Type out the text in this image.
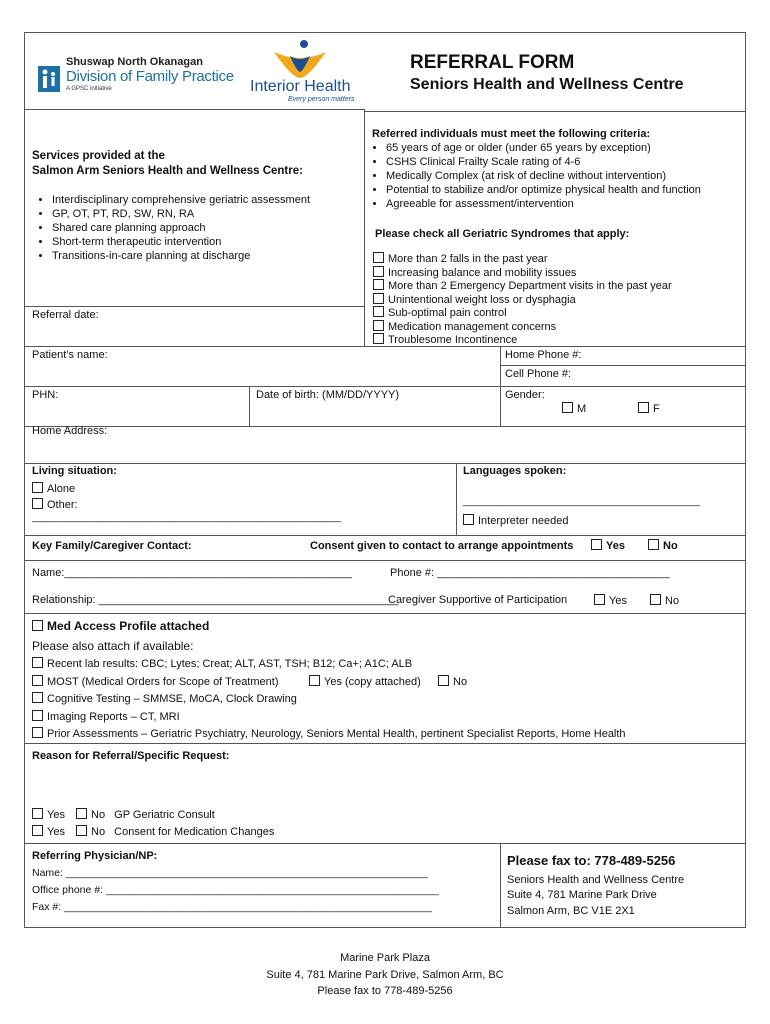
Shuswap North Okanagan
Division of Family Practice
A GPSC initiative	Interior Health
Every person matters
REFERRAL FORM
Seniors Health and Wellness Centre
Services provided at the
Salmon Arm Seniors Health and Wellness Centre:
• Interdisciplinary comprehensive geriatric assessment
• GP, OT, PT, RD, SW, RN, RA
• Shared care planning approach
• Short-term therapeutic intervention
• Transitions-in-care planning at discharge
Referral date:
Referred individuals must meet the following criteria:
• 65 years of age or older (under 65 years by exception)
• CSHS Clinical Frailty Scale rating of 4-6
• Medically Complex (at risk of decline without intervention)
• Potential to stabilize and/or optimize physical health and function
• Agreeable for assessment/intervention
Please check all Geriatric Syndromes that apply:
More than 2 falls in the past year
Increasing balance and mobility issues
More than 2 Emergency Department visits in the past year
Unintentional weight loss or dysphagia
Sub-optimal pain control
Medication management concerns
Troublesome Incontinence
Patient’s name:	Home Phone #:
Cell Phone #:
PHN:	Date of birth: (MM/DD/YYYY)	Gender:
M	F
Home Address:
Living situation:
Alone
Other:
_____________________________________________________________
Languages spoken:
_____________________________________________
Interpreter needed
Key Family/Caregiver Contact:	Consent given to contact to arrange appointments	Yes	No
Name:_______________________________________________	Phone #: ______________________________________
Relationship: _________________________________________________
Caregiver Supportive of Participation	Yes	No
Med Access Profile attached
Please also attach if available:
Recent lab results: CBC; Lytes; Creat; ALT, AST, TSH; B12; Ca+; A1C; ALB
MOST (Medical Orders for Scope of Treatment)	Yes (copy attached)	No
Cognitive Testing – SMMSE, MoCA, Clock Drawing
Imaging Reports – CT, MRI
Prior Assessments – Geriatric Psychiatry, Neurology, Seniors Mental Health, pertinent Specialist Reports, Home Health
Reason for Referral/Specific Request:
Yes No GP Geriatric Consult
Yes No Consent for Medication Changes
Referring Physician/NP:
Name: ______________________________________________________________
Office phone #: _________________________________________________________
Fax #: _______________________________________________________________
Please fax to: 778-489-5256
Seniors Health and Wellness Centre
Suite 4, 781 Marine Park Drive
Salmon Arm, BC V1E 2X1
Marine Park Plaza
Suite 4, 781 Marine Park Drive, Salmon Arm, BC
Please fax to 778-489-5256
